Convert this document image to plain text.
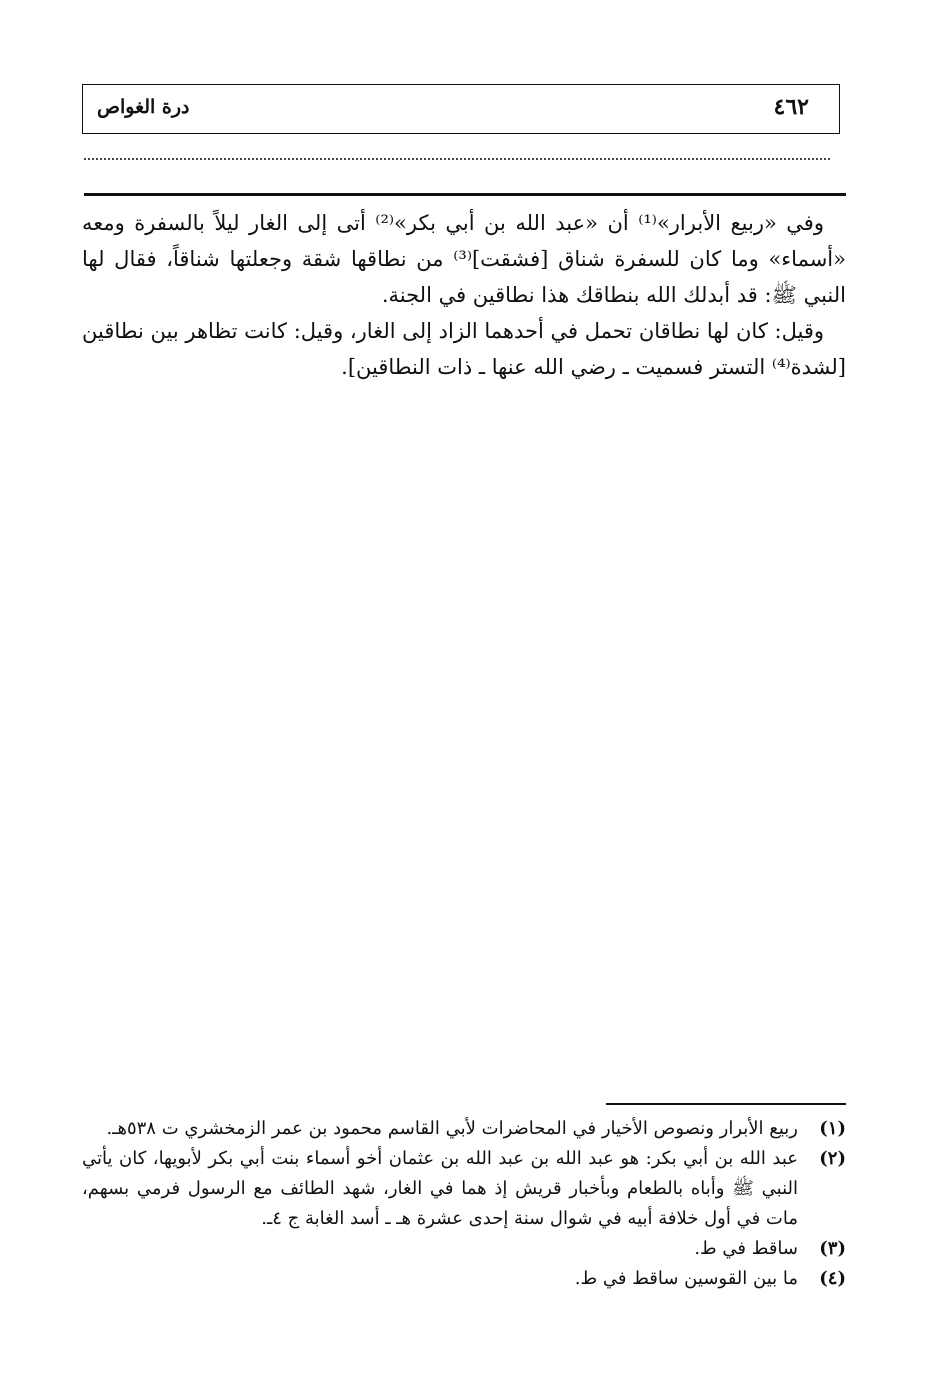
٤٦٢
درة الغواص

وفي «ربيع الأبرار»⁽¹⁾ أن «عبد الله بن أبي بكر»⁽²⁾ أتى إلى الغار ليلاً بالسفرة ومعه «أسماء» وما كان للسفرة شناق [فشقت]⁽³⁾ من نطاقها شقة وجعلتها شناقاً، فقال لها النبي ﷺ: قد أبدلك الله بنطاقك هذا نطاقين في الجنة.

وقيل: كان لها نطاقان تحمل في أحدهما الزاد إلى الغار، وقيل: كانت تظاهر بين نطاقين [لشدة⁽⁴⁾ التستر فسميت ـ رضي الله عنها ـ ذات النطاقين].

(١)
ربيع الأبرار ونصوص الأخيار في المحاضرات لأبي القاسم محمود بن عمر الزمخشري ت ٥٣٨هـ.
(٢)
عبد الله بن أبي بكر: هو عبد الله بن عبد الله بن عثمان أخو أسماء بنت أبي بكر لأبويها، كان يأتي النبي ﷺ وأباه بالطعام وبأخبار قريش إذ هما في الغار، شهد الطائف مع الرسول فرمي بسهم، مات في أول خلافة أبيه في شوال سنة إحدى عشرة هـ ـ أسد الغابة ج ٤ـ.
(٣)
ساقط في ط.
(٤)
ما بين القوسين ساقط في ط.
